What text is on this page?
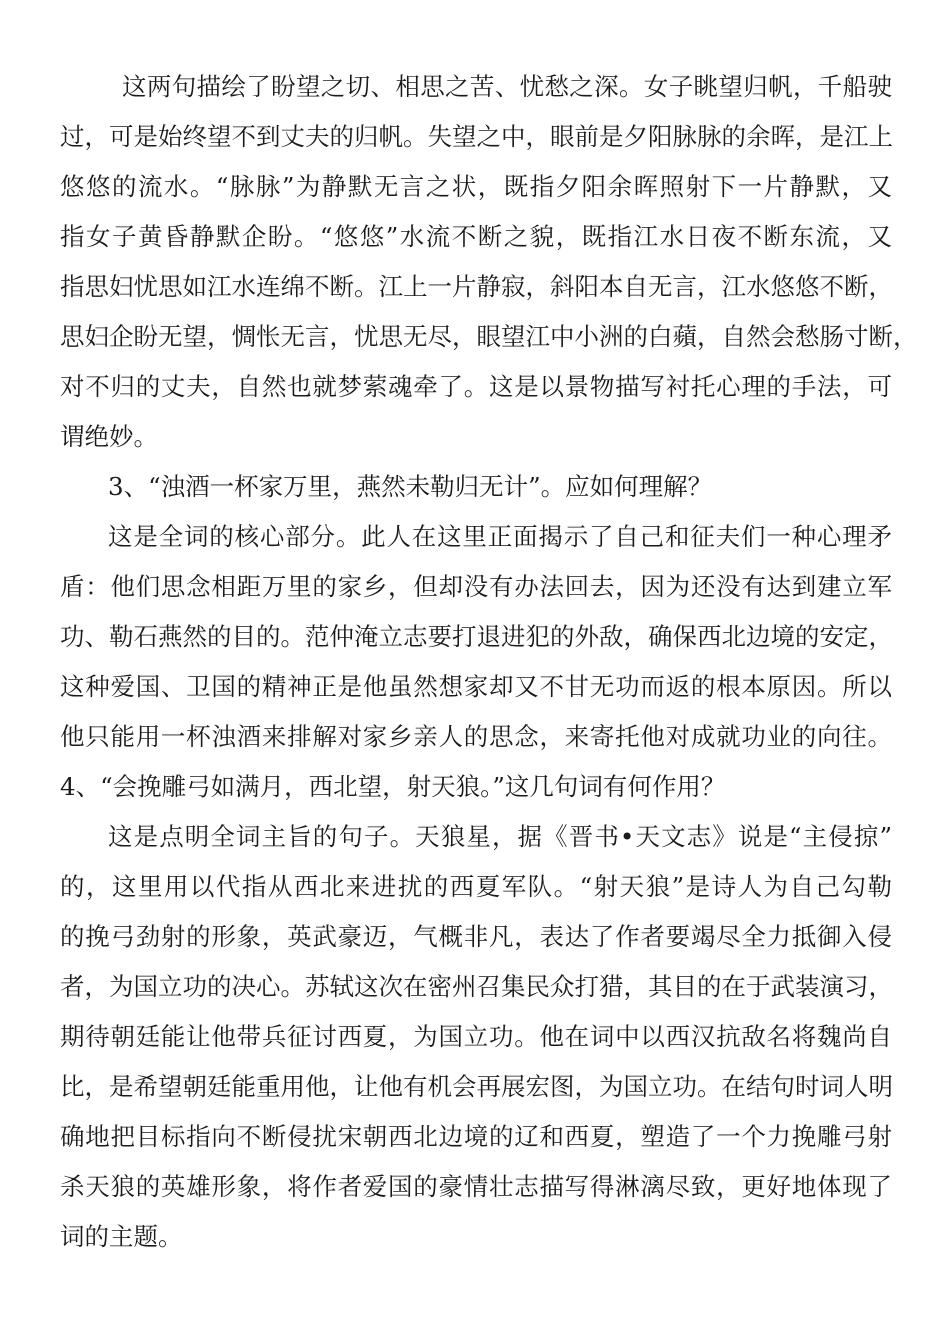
这两句描绘了盼望之切、相思之苦、忧愁之深。女子眺望归帆，千船驶
过，可是始终望不到丈夫的归帆。失望之中，眼前是夕阳脉脉的余晖，是江上
悠悠的流水。“脉脉”为静默无言之状，既指夕阳余晖照射下一片静默，又
指女子黄昏静默企盼。“悠悠”水流不断之貌，既指江水日夜不断东流，又
指思妇忧思如江水连绵不断。江上一片静寂，斜阳本自无言，江水悠悠不断，
思妇企盼无望，惆怅无言，忧思无尽，眼望江中小洲的白蘋，自然会愁肠寸断，
对不归的丈夫，自然也就梦萦魂牵了。这是以景物描写衬托心理的手法，可
谓绝妙。
3、“浊酒一杯家万里，燕然未勒归无计”。应如何理解？
这是全词的核心部分。此人在这里正面揭示了自己和征夫们一种心理矛
盾：他们思念相距万里的家乡，但却没有办法回去，因为还没有达到建立军
功、勒石燕然的目的。范仲淹立志要打退进犯的外敌，确保西北边境的安定，
这种爱国、卫国的精神正是他虽然想家却又不甘无功而返的根本原因。所以
他只能用一杯浊酒来排解对家乡亲人的思念，来寄托他对成就功业的向往。
4、“会挽雕弓如满月，西北望，射天狼。”这几句词有何作用？
这是点明全词主旨的句子。天狼星，据《晋书•天文志》说是“主侵掠”
的，这里用以代指从西北来进扰的西夏军队。“射天狼”是诗人为自己勾勒
的挽弓劲射的形象，英武豪迈，气概非凡，表达了作者要竭尽全力抵御入侵
者，为国立功的决心。苏轼这次在密州召集民众打猎，其目的在于武装演习，
期待朝廷能让他带兵征讨西夏，为国立功。他在词中以西汉抗敌名将魏尚自
比，是希望朝廷能重用他，让他有机会再展宏图，为国立功。在结句时词人明
确地把目标指向不断侵扰宋朝西北边境的辽和西夏，塑造了一个力挽雕弓射
杀天狼的英雄形象，将作者爱国的豪情壮志描写得淋漓尽致，更好地体现了
词的主题。
